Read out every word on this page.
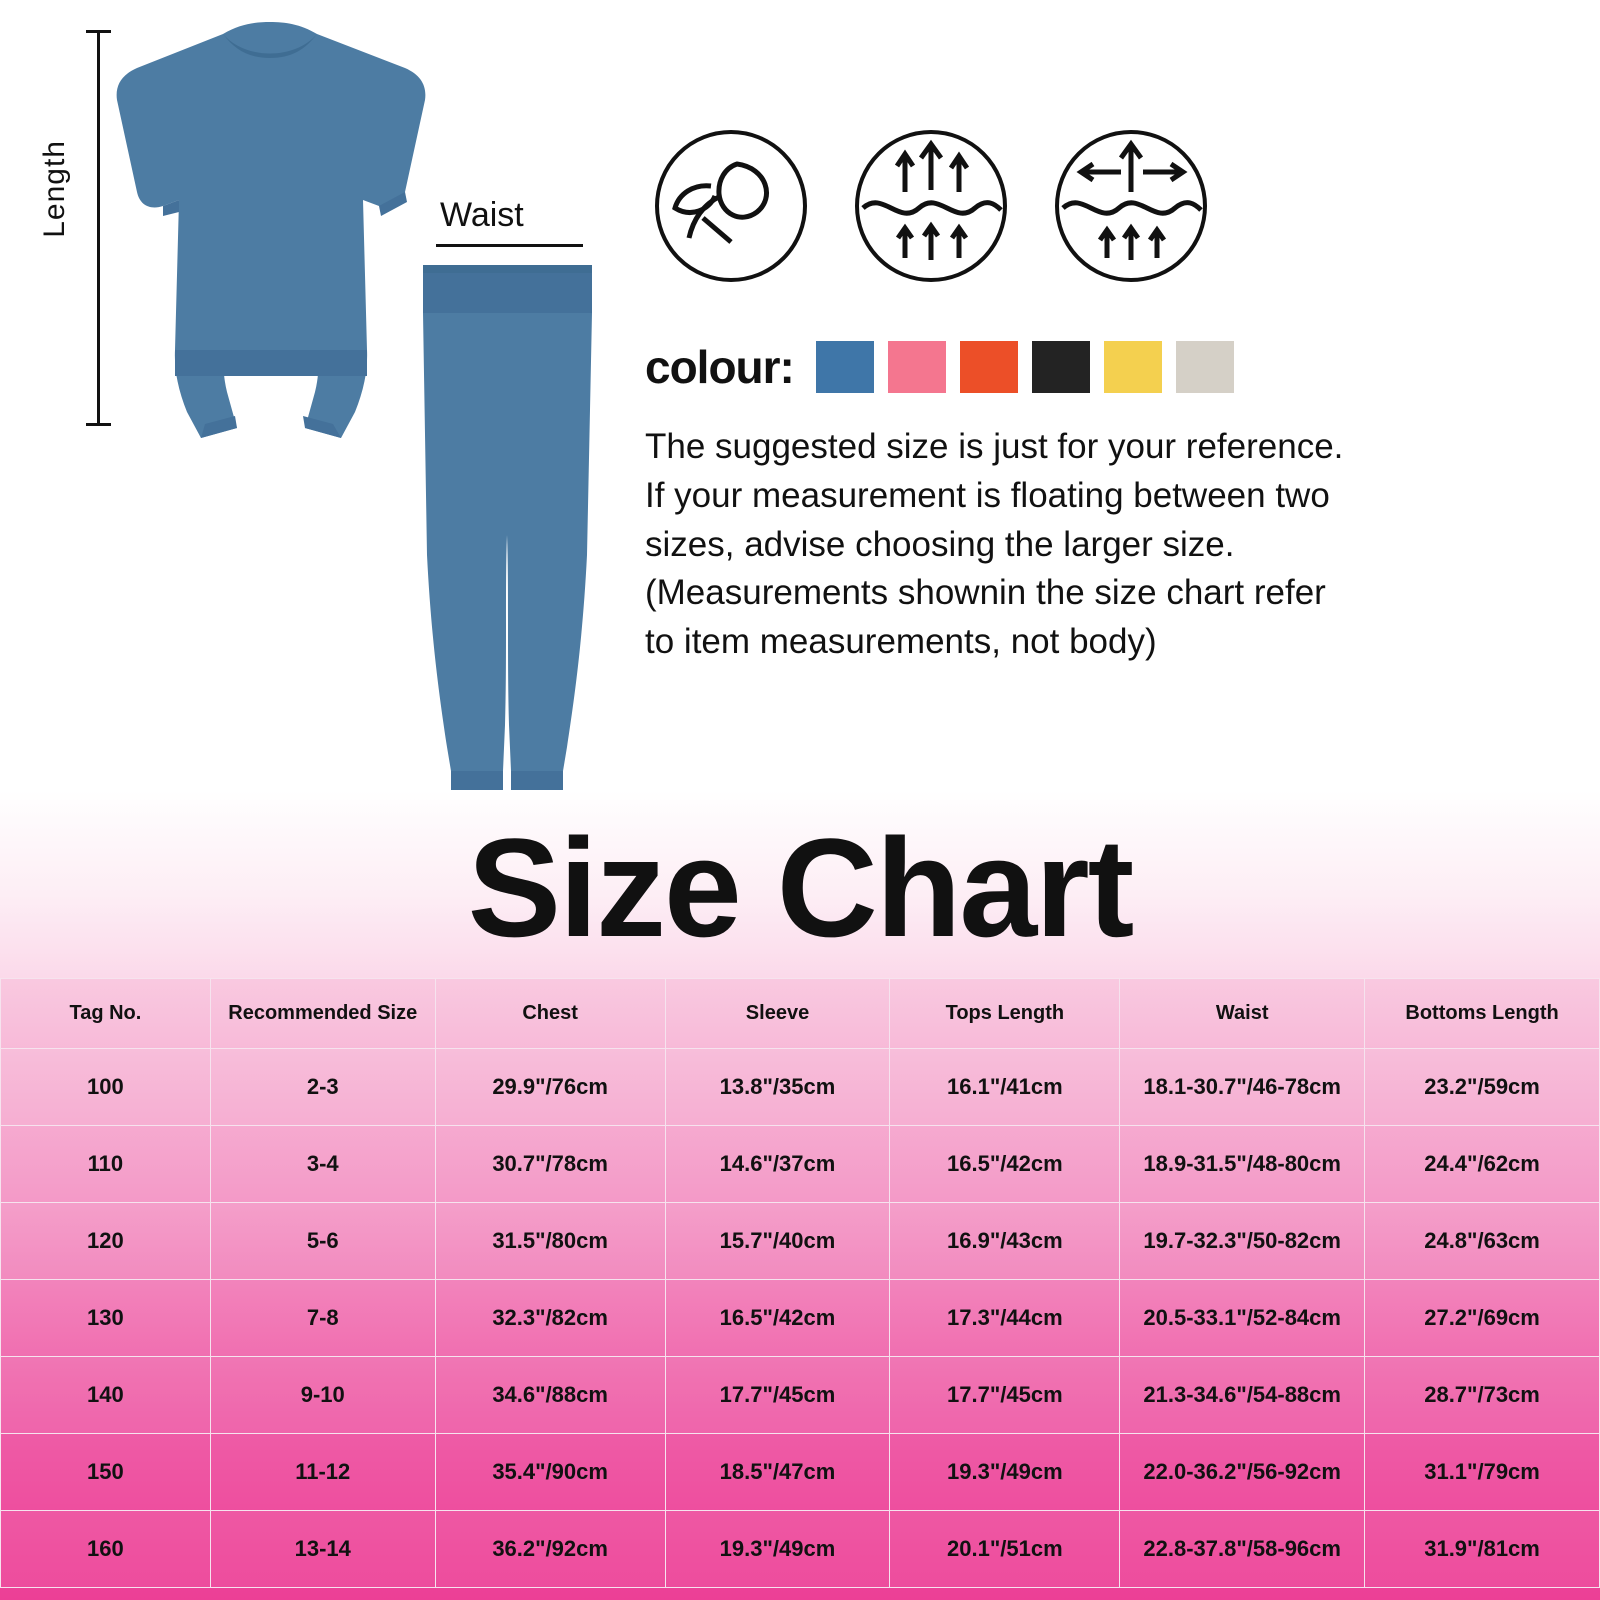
Length	Waist
colour:

The suggested size is just for your reference.

If your measurement is floating between two

sizes, advise choosing the larger size.

(Measurements shownin the size chart refer

to item measurements, not body)

Size Chart
Tag No.	Recommended Size	Chest	Sleeve	Tops Length	Waist	Bottoms Length
100	2-3	29.9"/76cm	13.8"/35cm	16.1"/41cm	18.1-30.7"/46-78cm	23.2"/59cm
110	3-4	30.7"/78cm	14.6"/37cm	16.5"/42cm	18.9-31.5"/48-80cm	24.4"/62cm
120	5-6	31.5"/80cm	15.7"/40cm	16.9"/43cm	19.7-32.3"/50-82cm	24.8"/63cm
130	7-8	32.3"/82cm	16.5"/42cm	17.3"/44cm	20.5-33.1"/52-84cm	27.2"/69cm
140	9-10	34.6"/88cm	17.7"/45cm	17.7"/45cm	21.3-34.6"/54-88cm	28.7"/73cm
150	11-12	35.4"/90cm	18.5"/47cm	19.3"/49cm	22.0-36.2"/56-92cm	31.1"/79cm
160	13-14	36.2"/92cm	19.3"/49cm	20.1"/51cm	22.8-37.8"/58-96cm	31.9"/81cm
